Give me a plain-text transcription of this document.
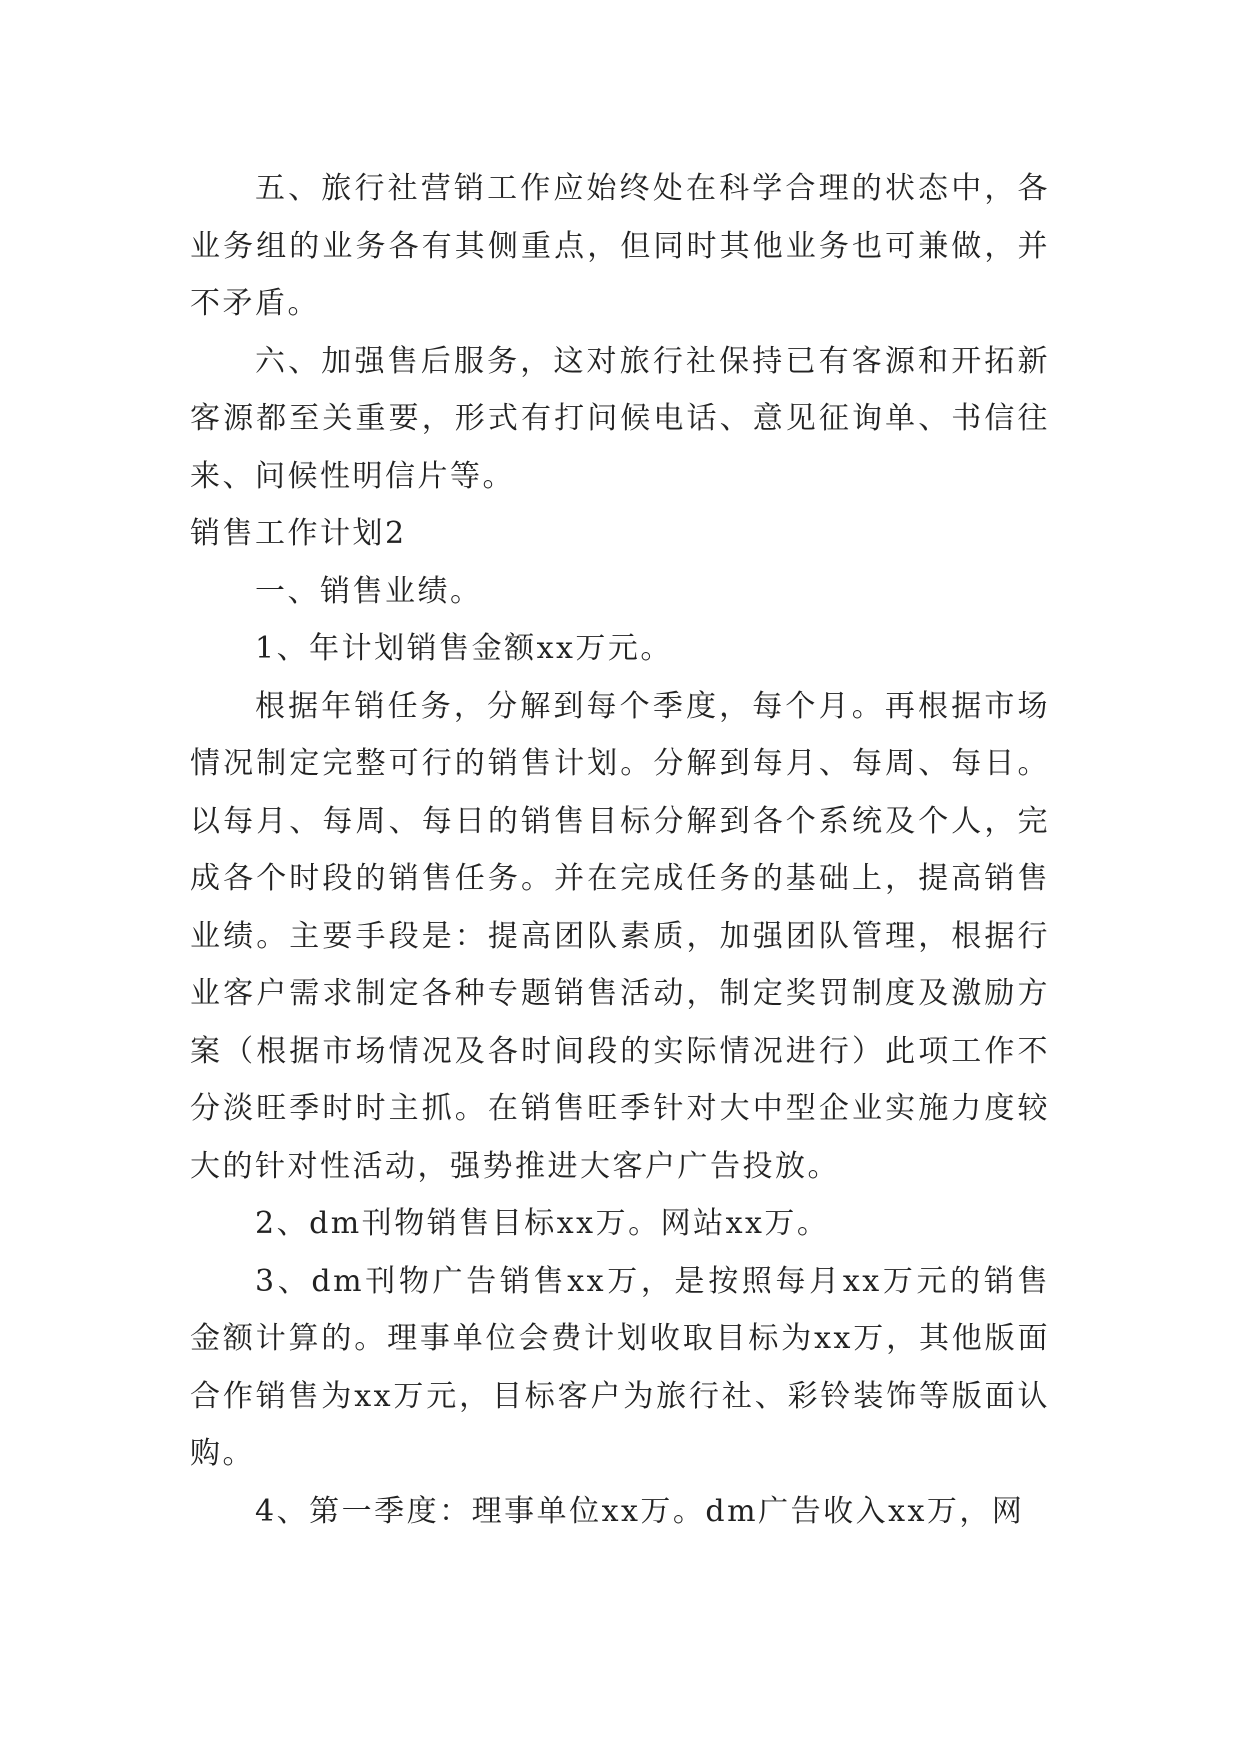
五、旅行社营销工作应始终处在科学合理的状态中，各业务组的业务各有其侧重点，但同时其他业务也可兼做，并不矛盾。

六、加强售后服务，这对旅行社保持已有客源和开拓新客源都至关重要，形式有打问候电话、意见征询单、书信往来、问候性明信片等。

销售工作计划2

一、销售业绩。

1、年计划销售金额xx万元。

根据年销任务，分解到每个季度，每个月。再根据市场情况制定完整可行的销售计划。分解到每月、每周、每日。以每月、每周、每日的销售目标分解到各个系统及个人，完成各个时段的销售任务。并在完成任务的基础上，提高销售业绩。主要手段是：提高团队素质，加强团队管理，根据行业客户需求制定各种专题销售活动，制定奖罚制度及激励方案（根据市场情况及各时间段的实际情况进行）此项工作不分淡旺季时时主抓。在销售旺季针对大中型企业实施力度较大的针对性活动，强势推进大客户广告投放。

2、dm刊物销售目标xx万。网站xx万。

3、dm刊物广告销售xx万，是按照每月xx万元的销售金额计算的。理事单位会费计划收取目标为xx万，其他版面合作销售为xx万元，目标客户为旅行社、彩铃装饰等版面认购。

4、第一季度：理事单位xx万。dm广告收入xx万，网
